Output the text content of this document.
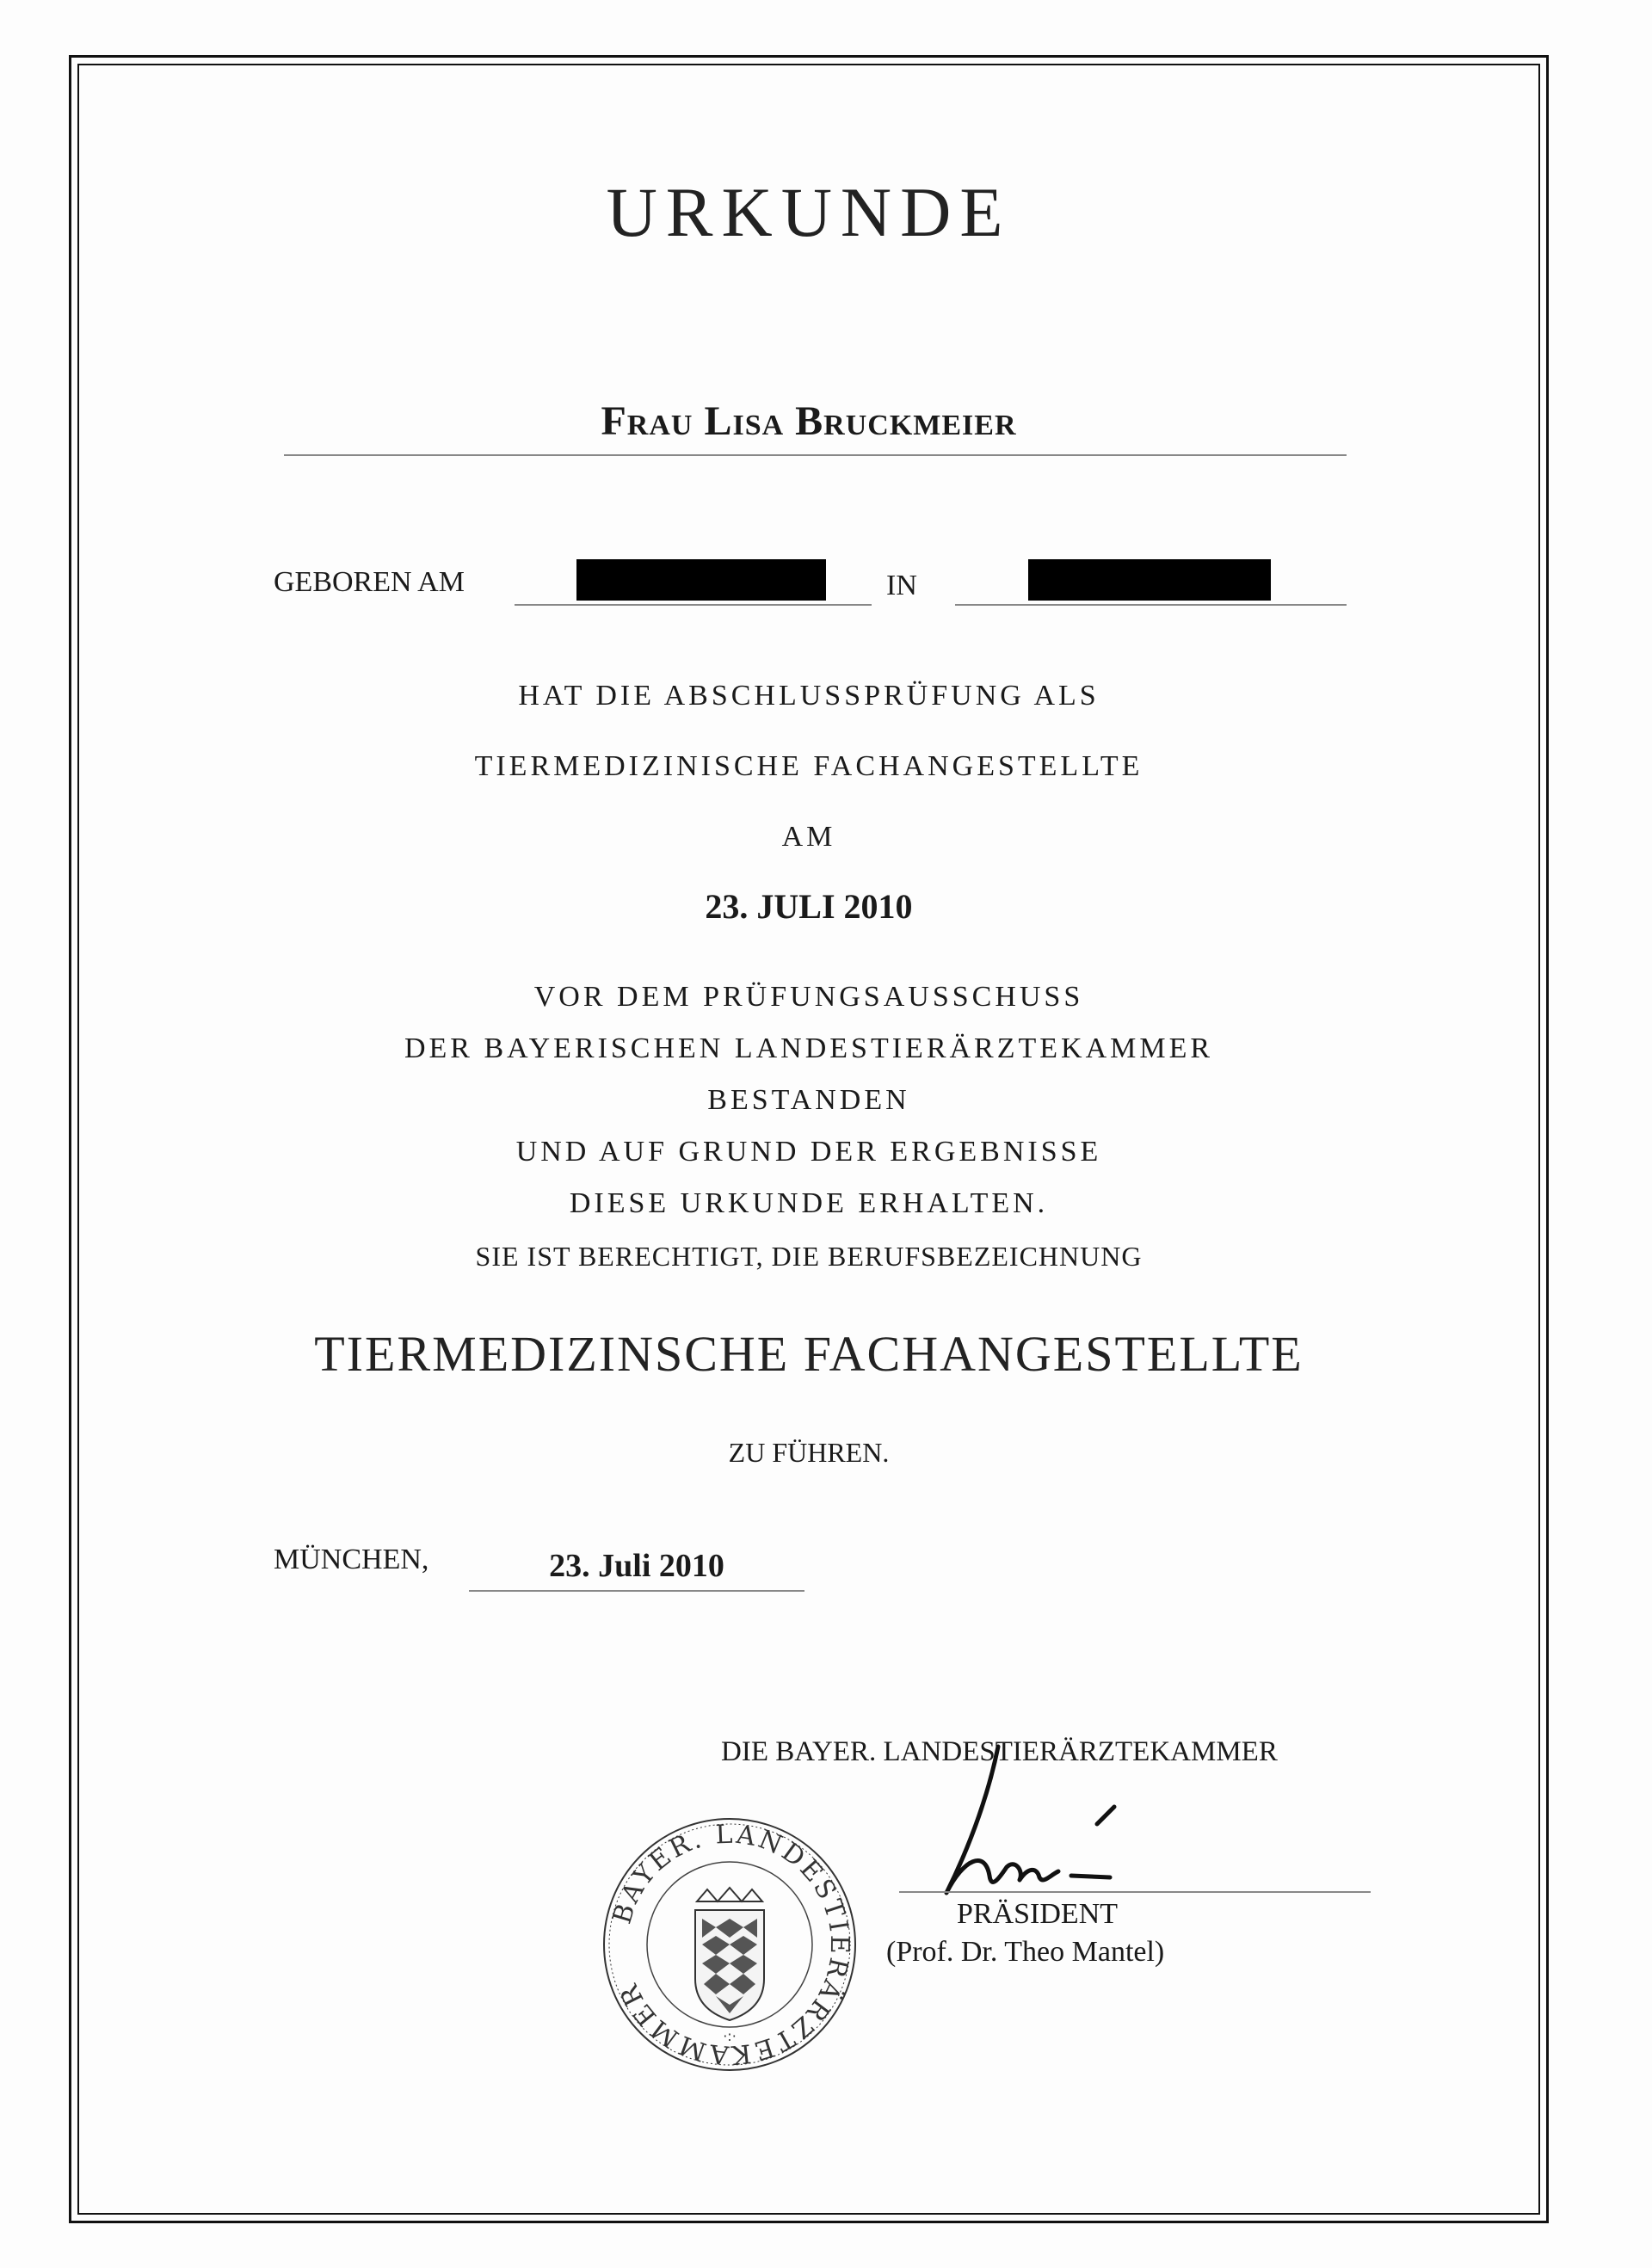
URKUNDE
Frau Lisa Bruckmeier
GEBOREN AM	IN
HAT DIE ABSCHLUSSPRÜFUNG ALS
TIERMEDIZINISCHE FACHANGESTELLTE
AM
23. JULI 2010
VOR DEM PRÜFUNGSAUSSCHUSS
DER BAYERISCHEN LANDESTIERÄRZTEKAMMER
BESTANDEN
UND AUF GRUND DER ERGEBNISSE
DIESE URKUNDE ERHALTEN.
SIE IST BERECHTIGT, DIE BERUFSBEZEICHNUNG
TIERMEDIZINSCHE FACHANGESTELLTE
ZU FÜHREN.
MÜNCHEN,	23. Juli 2010
DIE BAYER. LANDESTIERÄRZTEKAMMER
BAYER. LANDESTIERÄRZTEKAMMER
·:·
PRÄSIDENT
(Prof. Dr. Theo Mantel)
